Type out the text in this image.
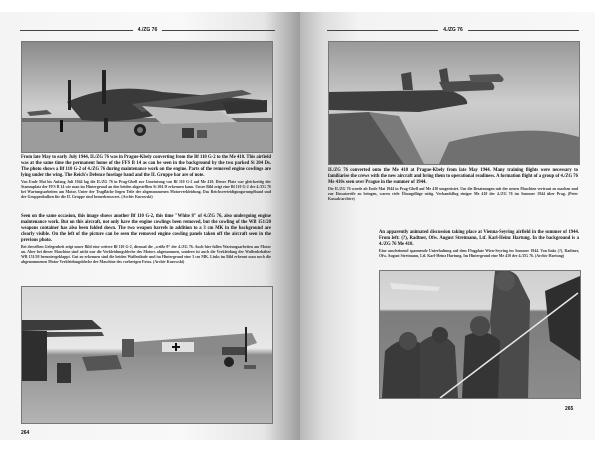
4./ZG 76
From late May to early July 1944, II./ZG 76 was in Prague-Kbely converting from the Bf 110 G-2 to the Me 410. This airfield was at the same time the permanent home of the FFS B 14 as can be seen in the background by the two parked Si 204 Ds. The photo shows a Bf 110 G-2 of 4./ZG 76 during maintenance work on the engine. Parts of the removed engine cowlings are lying under the wing. The Reich's Defence fuselage band and the II. Gruppe bar are of note.
Von Ende Mai bis Anfang Juli 1944 lag die II./ZG 76 in Prag-Gbell zur Umrüstung von Bf 110 G-2 auf Me 410. Dieser Platz war gleichzeitig der Stammplatz der FFS B 14 wie man im Hintergrund an den beiden abgestellten Si 204 D erkennen kann. Unser Bild zeigt eine Bf 110 G-2 der 4./ZG 76 bei Wartungsarbeiten am Motor. Unter der Tragfläche liegen Teile der abgenommenen Motorverkleidung. Das Reichsverteidigungsrumpfband und der Gruppenbalken für die II. Gruppe sind bemerkenswert. (Archiv Kurowski)
Seen on the same occasion, this image shows another Bf 110 G-2, this time "White 8" of 4./ZG 76, also undergoing engine maintenance work. But on this aircraft, not only have the engine cowlings been removed, but the cowling of the WB 151/20 weapons container has also been folded down. The two weapon barrels in addition to a 3 cm MK in the background are clearly visible. On the left of the picture can be seen the removed engine cowling panels taken off the aircraft seen in the previous photo.
Bei derselben Gelegenheit zeigt unser Bild eine weitere Bf 110 G-2, diesmal die „weiße 8“ der 4./ZG 76. Auch hier fallen Wartungsarbeiten am Motor an. Aber bei dieser Maschine sind nicht nur die Verkleidungsbleche des Motors abgenommen, sondern ist auch die Verkleidung der Waffenbehälter WB 151/20 heruntergeklappt. Gut zu erkennen sind die beiden Waffenläufe und im Hintergrund eine 3 cm MK. Links im Bild erkennt man noch die abgenommenen Motor Verkleidungsbleche der Maschine des vorherigen Fotos. (Archiv Kurowski)
264
4./ZG 76
II./ZG 76 converted onto the Me 410 at Prague-Kbely from late May 1944. Many training flights were necessary to familiarise the crews with the new aircraft and bring them to operational readiness. A formation flight of a group of 4./ZG 76 Me 410s seen over Prague in the summer of 1944.
Die II./ZG 76 wurde ab Ende Mai 1944 in Prag-Gbell auf Me 410 umgerüstet. Um die Besatzungen mit der neuen Maschine vertraut zu machen und zur Einsatzreife zu bringen, waren viele Übungsflüge nötig. Verbandsflug einiger Me 410 der 4./ZG 76 im Sommer 1944 über Prag. (Peter Kassak/archive)
An apparently animated discussion taking place at Vienna-Seyring airfield in the summer of 1944. From left: (?), Radtner, Ofw. August Stretmann, Ltf. Karl-Heinz Hartung. In the background is a 4./ZG 76 Me 410.
Eine anscheinend spannende Unterhaltung auf dem Flugplatz Wien-Seyring im Sommer 1944. Von links (?), Radtner, Ofw. August Stretmann, Ltf. Karl-Heinz Hartung. Im Hintergrund eine Me 410 der 4./ZG 76. (Archiv Hartung)
265
